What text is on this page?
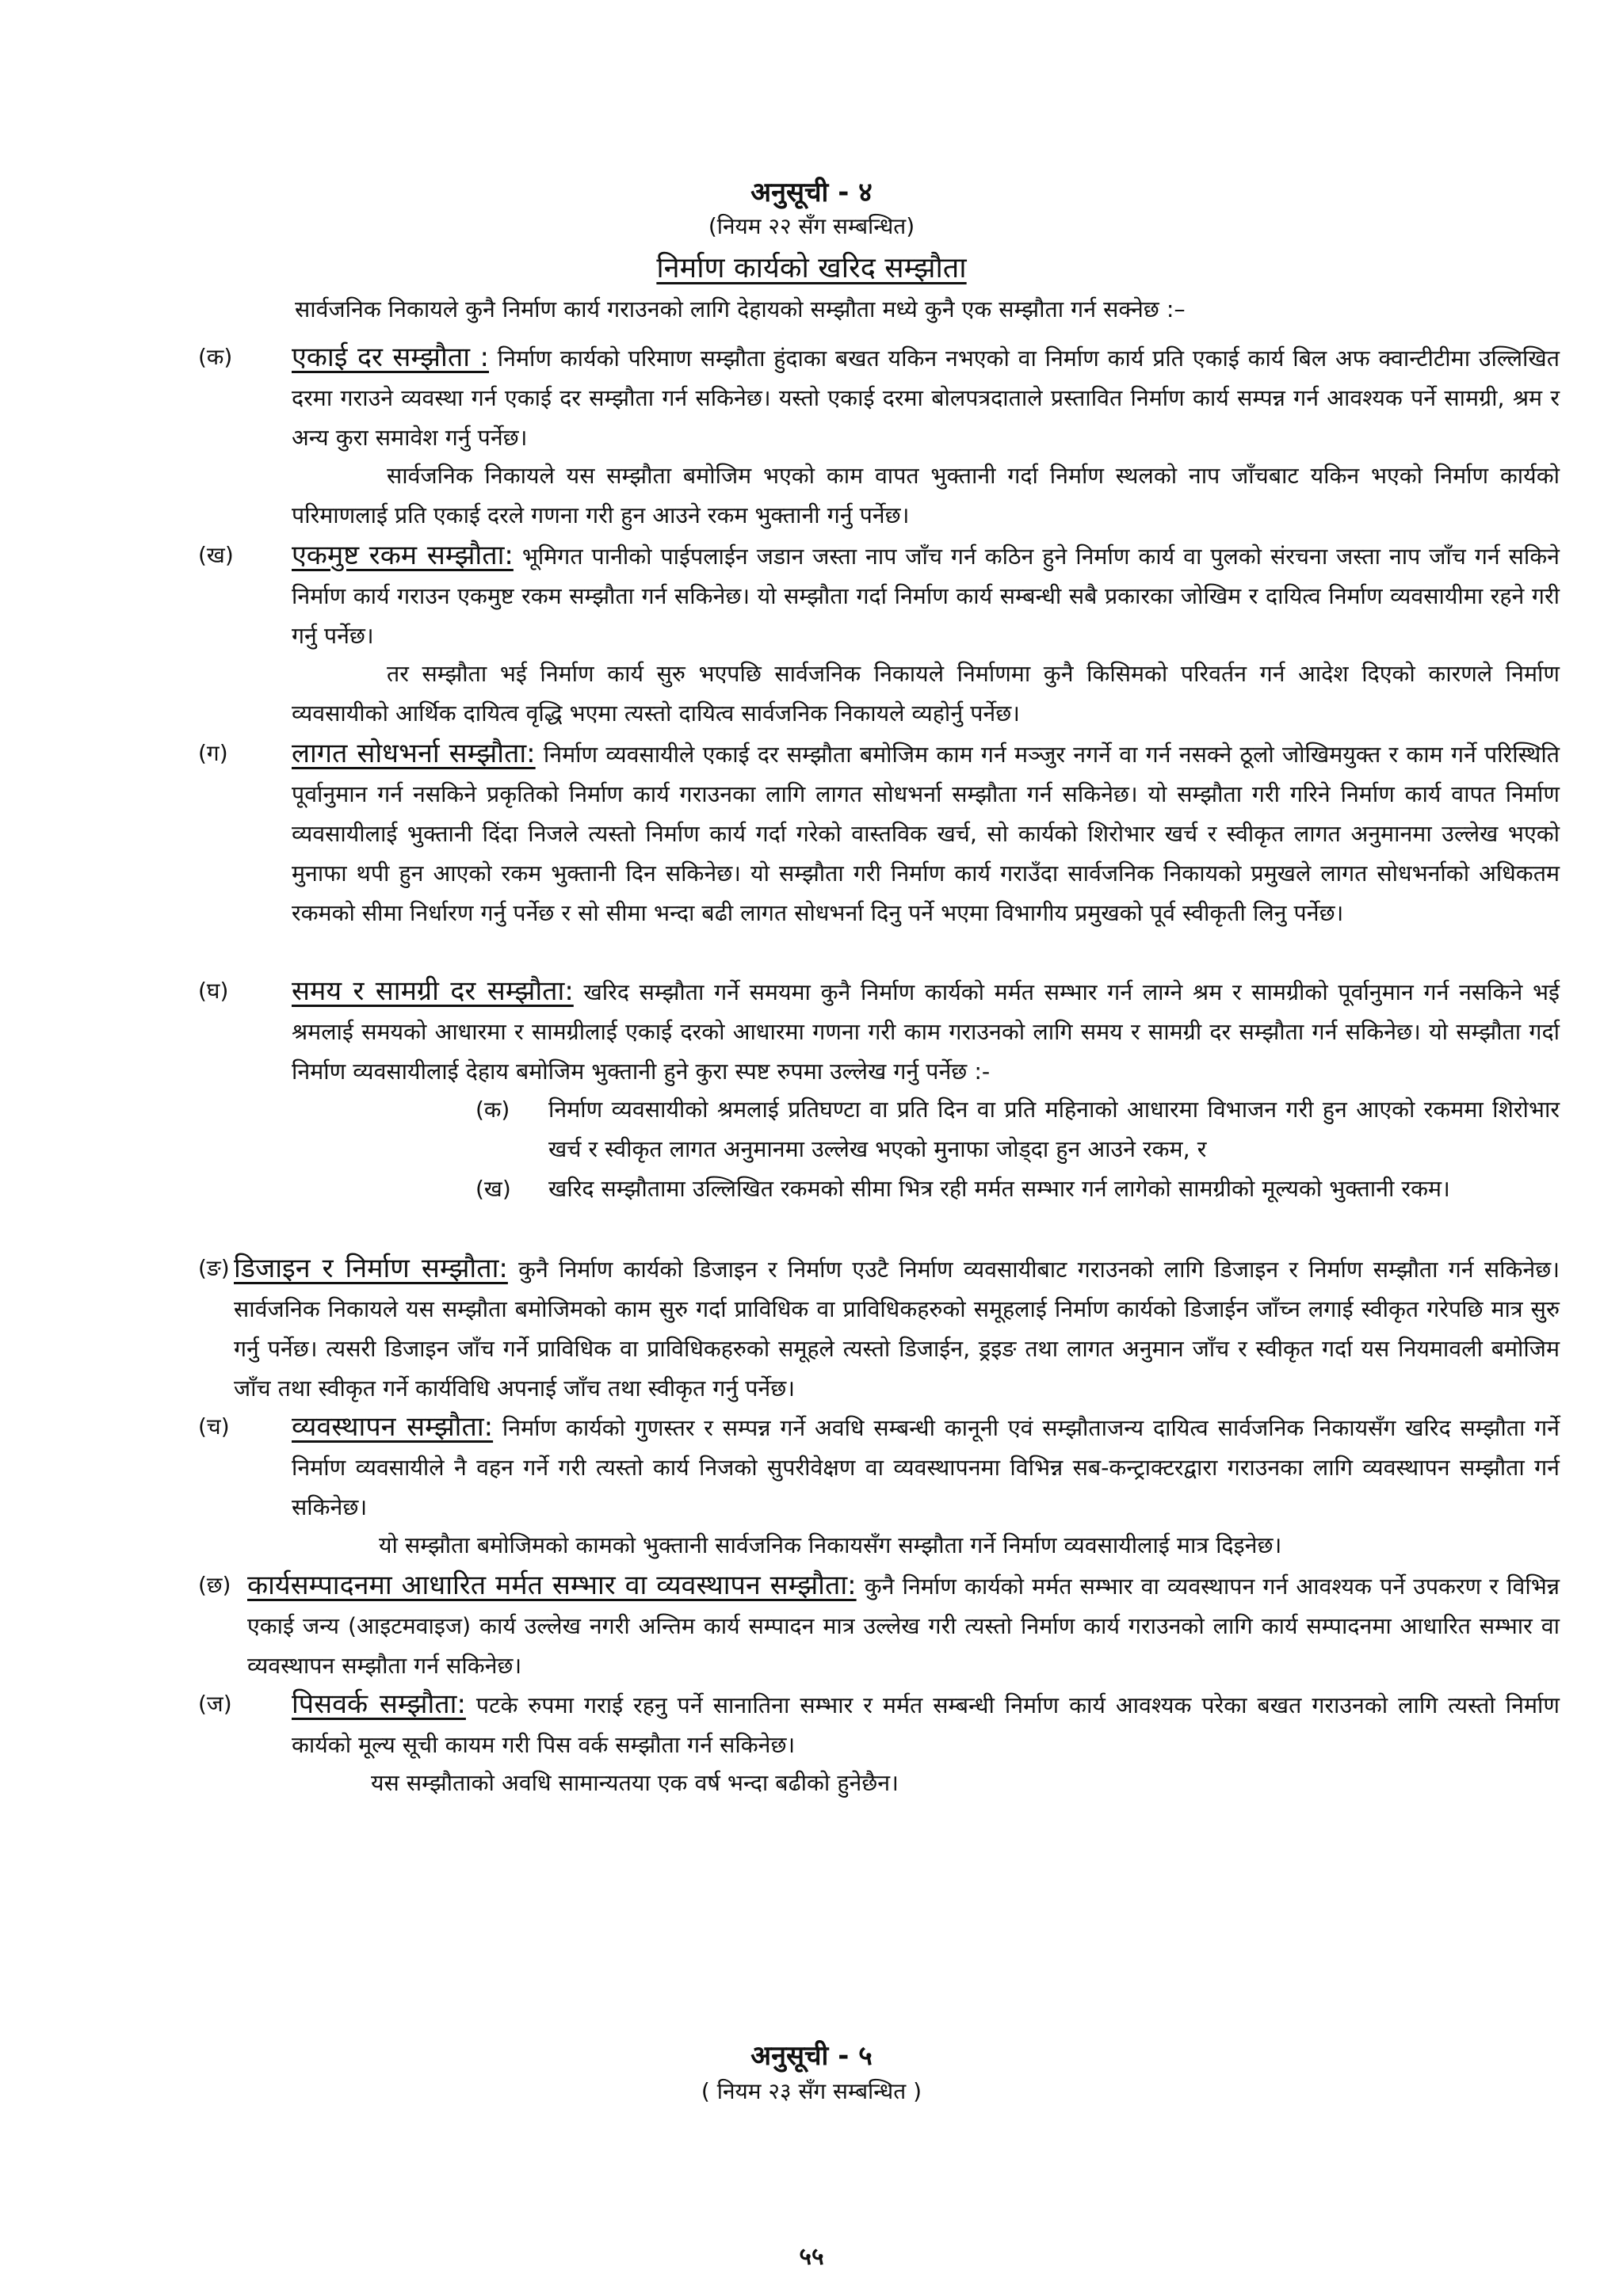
अनुसूची - ४
(नियम २२ सँग सम्बन्धित)
निर्माण कार्यको खरिद सम्झौता
सार्वजनिक निकायले कुनै निर्माण कार्य गराउनको लागि देहायको सम्झौता मध्ये कुनै एक सम्झौता गर्न सक्नेछ :–
(क) एकाई दर सम्झौता : निर्माण कार्यको परिमाण सम्झौता हुंदाका बखत यकिन नभएको वा निर्माण कार्य प्रति एकाई कार्य बिल अफ क्वान्टीटीमा उल्लिखित दरमा गराउने व्यवस्था गर्न एकाई दर सम्झौता गर्न सकिनेछ। यस्तो एकाई दरमा बोलपत्रदाताले प्रस्तावित निर्माण कार्य सम्पन्न गर्न आवश्यक पर्ने सामग्री, श्रम र अन्य कुरा समावेश गर्नु पर्नेछ।
सार्वजनिक निकायले यस सम्झौता बमोजिम भएको काम वापत भुक्तानी गर्दा निर्माण स्थलको नाप जाँचबाट यकिन भएको निर्माण कार्यको परिमाणलाई प्रति एकाई दरले गणना गरी हुन आउने रकम भुक्तानी गर्नु पर्नेछ।
(ख) एकमुष्ट रकम सम्झौता: भूमिगत पानीको पाईपलाईन जडान जस्ता नाप जाँच गर्न कठिन हुने निर्माण कार्य वा पुलको संरचना जस्ता नाप जाँच गर्न सकिने निर्माण कार्य गराउन एकमुष्ट रकम सम्झौता गर्न सकिनेछ। यो सम्झौता गर्दा निर्माण कार्य सम्बन्धी सबै प्रकारका जोखिम र दायित्व निर्माण व्यवसायीमा रहने गरी गर्नु पर्नेछ।
तर सम्झौता भई निर्माण कार्य सुरु भएपछि सार्वजनिक निकायले निर्माणमा कुनै किसिमको परिवर्तन गर्न आदेश दिएको कारणले निर्माण व्यवसायीको आर्थिक दायित्व वृद्धि भएमा त्यस्तो दायित्व सार्वजनिक निकायले व्यहोर्नु पर्नेछ।
(ग) लागत सोधभर्ना सम्झौता: निर्माण व्यवसायीले एकाई दर सम्झौता बमोजिम काम गर्न मञ्जुर नगर्ने वा गर्न नसक्ने ठूलो जोखिमयुक्त र काम गर्ने परिस्थिति पूर्वानुमान गर्न नसकिने प्रकृतिको निर्माण कार्य गराउनका लागि लागत सोधभर्ना सम्झौता गर्न सकिनेछ। यो सम्झौता गरी गरिने निर्माण कार्य वापत निर्माण व्यवसायीलाई भुक्तानी दिंदा निजले त्यस्तो निर्माण कार्य गर्दा गरेको वास्तविक खर्च, सो कार्यको शिरोभार खर्च र स्वीकृत लागत अनुमानमा उल्लेख भएको मुनाफा थपी हुन आएको रकम भुक्तानी दिन सकिनेछ। यो सम्झौता गरी निर्माण कार्य गराउँदा सार्वजनिक निकायको प्रमुखले लागत सोधभर्नाको अधिकतम रकमको सीमा निर्धारण गर्नु पर्नेछ र सो सीमा भन्दा बढी लागत सोधभर्ना दिनु पर्ने भएमा विभागीय प्रमुखको पूर्व स्वीकृती लिनु पर्नेछ।
(घ) समय र सामग्री दर सम्झौता: खरिद सम्झौता गर्ने समयमा कुनै निर्माण कार्यको मर्मत सम्भार गर्न लाग्ने श्रम र सामग्रीको पूर्वानुमान गर्न नसकिने भई श्रमलाई समयको आधारमा र सामग्रीलाई एकाई दरको आधारमा गणना गरी काम गराउनको लागि समय र सामग्री दर सम्झौता गर्न सकिनेछ। यो सम्झौता गर्दा निर्माण व्यवसायीलाई देहाय बमोजिम भुक्तानी हुने कुरा स्पष्ट रुपमा उल्लेख गर्नु पर्नेछ :-
(क) निर्माण व्यवसायीको श्रमलाई प्रतिघण्टा वा प्रति दिन वा प्रति महिनाको आधारमा विभाजन गरी हुन आएको रकममा शिरोभार खर्च र स्वीकृत लागत अनुमानमा उल्लेख भएको मुनाफा जोड्दा हुन आउने रकम, र
(ख) खरिद सम्झौतामा उल्लिखित रकमको सीमा भित्र रही मर्मत सम्भार गर्न लागेको सामग्रीको मूल्यको भुक्तानी रकम।
(ङ) डिजाइन र निर्माण सम्झौता: कुनै निर्माण कार्यको डिजाइन र निर्माण एउटै निर्माण व्यवसायीबाट गराउनको लागि डिजाइन र निर्माण सम्झौता गर्न सकिनेछ। सार्वजनिक निकायले यस सम्झौता बमोजिमको काम सुरु गर्दा प्राविधिक वा प्राविधिकहरुको समूहलाई निर्माण कार्यको डिजाईन जाँच्न लगाई स्वीकृत गरेपछि मात्र सुरु गर्नु पर्नेछ। त्यसरी डिजाइन जाँच गर्ने प्राविधिक वा प्राविधिकहरुको समूहले त्यस्तो डिजाईन, ड्रइङ तथा लागत अनुमान जाँच र स्वीकृत गर्दा यस नियमावली बमोजिम जाँच तथा स्वीकृत गर्ने कार्यविधि अपनाई जाँच तथा स्वीकृत गर्नु पर्नेछ।
(च) व्यवस्थापन सम्झौता: निर्माण कार्यको गुणस्तर र सम्पन्न गर्ने अवधि सम्बन्धी कानूनी एवं सम्झौताजन्य दायित्व सार्वजनिक निकायसँग खरिद सम्झौता गर्ने निर्माण व्यवसायीले नै वहन गर्ने गरी त्यस्तो कार्य निजको सुपरीवेक्षण वा व्यवस्थापनमा विभिन्न सब-कन्ट्राक्टरद्वारा गराउनका लागि व्यवस्थापन सम्झौता गर्न सकिनेछ।
यो सम्झौता बमोजिमको कामको भुक्तानी सार्वजनिक निकायसँग सम्झौता गर्ने निर्माण व्यवसायीलाई मात्र दिइनेछ।
(छ) कार्यसम्पादनमा आधारित मर्मत सम्भार वा व्यवस्थापन सम्झौता: कुनै निर्माण कार्यको मर्मत सम्भार वा व्यवस्थापन गर्न आवश्यक पर्ने उपकरण र विभिन्न एकाई जन्य (आइटमवाइज) कार्य उल्लेख नगरी अन्तिम कार्य सम्पादन मात्र उल्लेख गरी त्यस्तो निर्माण कार्य गराउनको लागि कार्य सम्पादनमा आधारित सम्भार वा व्यवस्थापन सम्झौता गर्न सकिनेछ।
(ज) पिसवर्क सम्झौता: पटके रुपमा गराई रहनु पर्ने सानातिना सम्भार र मर्मत सम्बन्धी निर्माण कार्य आवश्यक परेका बखत गराउनको लागि त्यस्तो निर्माण कार्यको मूल्य सूची कायम गरी पिस वर्क सम्झौता गर्न सकिनेछ।
यस सम्झौताको अवधि सामान्यतया एक वर्ष भन्दा बढीको हुनेछैन।
अनुसूची - ५
( नियम २३ सँग सम्बन्धित )
५५
